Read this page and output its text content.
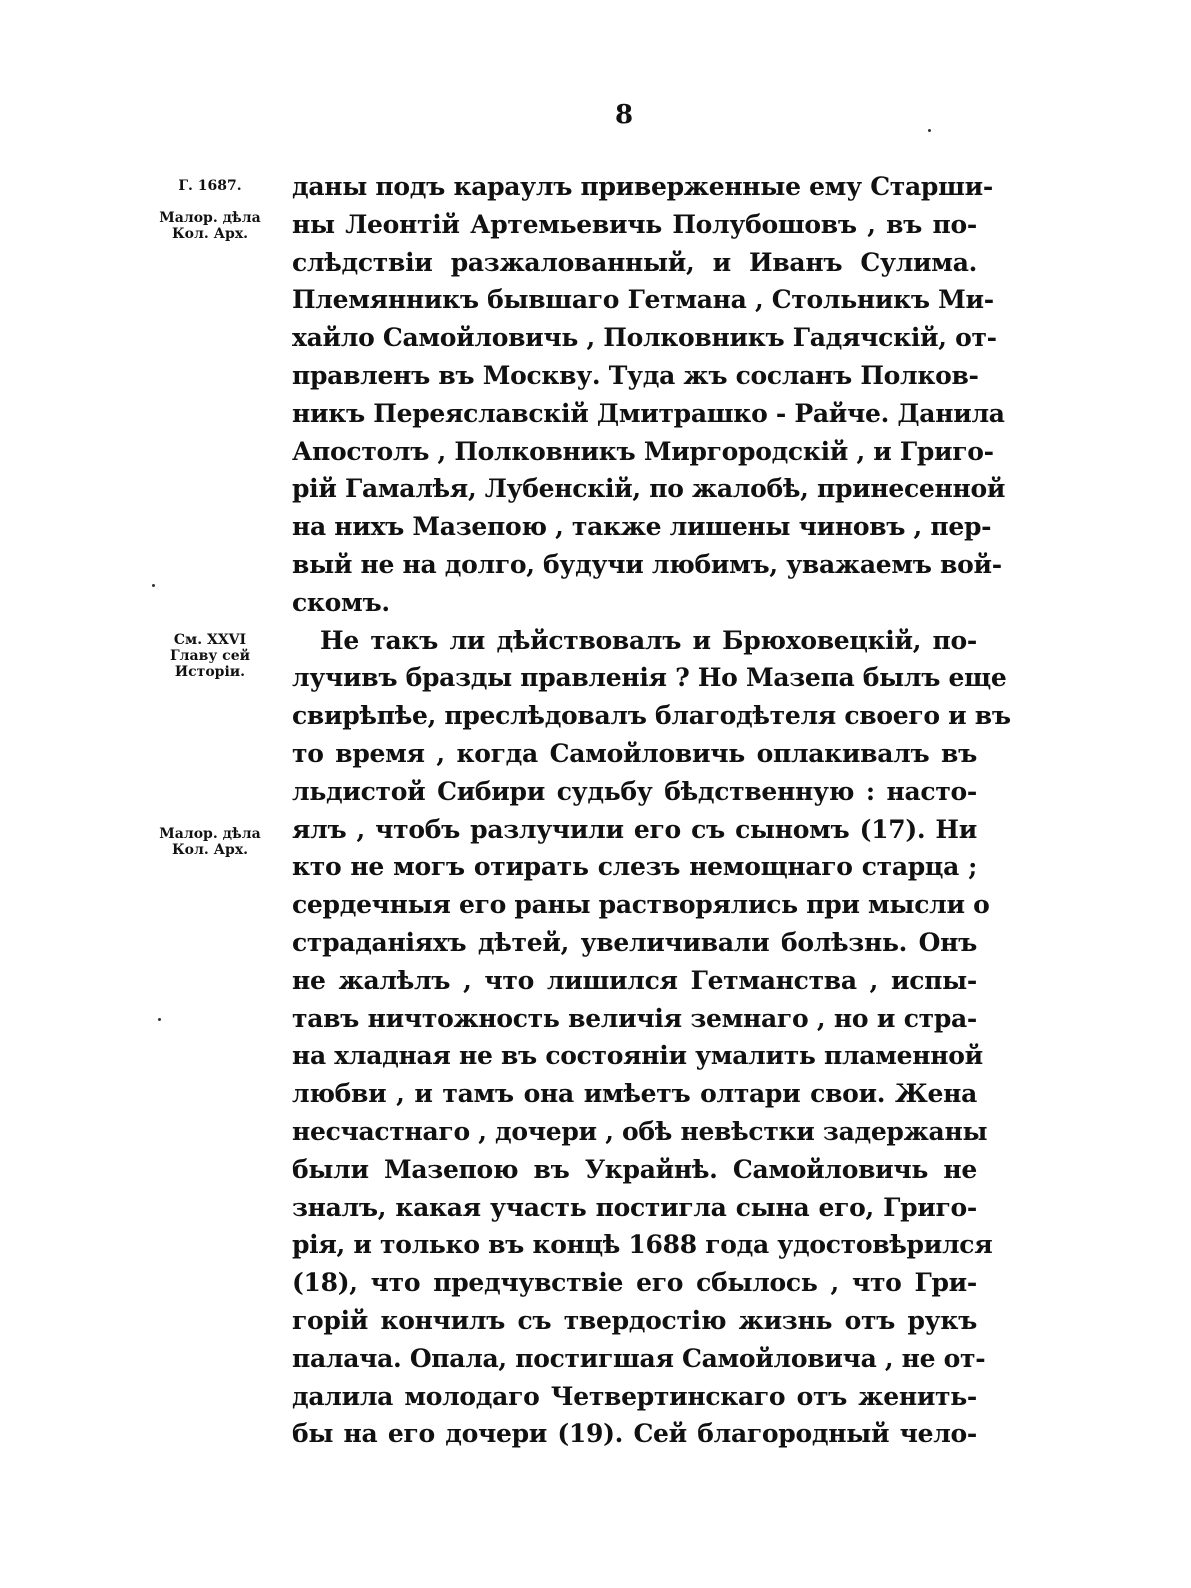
8
Г. 1687.
Малор. дѣла
Кол. Арх.
См. XXVI
Главу сей
Исторіи.
Малор. дѣла
Кол. Арх.
даны подъ караулъ приверженные ему Старши-
ны Леонтій Артемьевичь Полубошовъ , въ по-
слѣдствіи разжалованный, и Иванъ Сулима.
Племянникъ бывшаго Гетмана , Стольникъ Ми-
хайло Самойловичь , Полковникъ Гадячскій, от-
правленъ въ Москву. Туда жъ сосланъ Полков-
никъ Переяславскій Дмитрашко - Райче. Данила
Апостолъ , Полковникъ Миргородскій , и Григо-
рій Гамалѣя, Лубенскій, по жалобѣ, принесенной
на нихъ Мазепою , также лишены чиновъ , пер-
вый не на долго, будучи любимъ, уважаемъ вой-
скомъ.
Не такъ ли дѣйствовалъ и Брюховецкій, по-
лучивъ бразды правленія ? Но Мазепа былъ еще
свирѣпѣе, преслѣдовалъ благодѣтеля своего и въ
то время , когда Самойловичь оплакивалъ въ
льдистой Сибири судьбу бѣдственную : насто-
ялъ , чтобъ разлучили его съ сыномъ (17). Ни
кто не могъ отирать слезъ немощнаго старца ;
сердечныя его раны растворялись при мысли о
страданіяхъ дѣтей, увеличивали болѣзнь. Онъ
не жалѣлъ , что лишился Гетманства , испы-
тавъ ничтожность величія земнаго , но и стра-
на хладная не въ состояніи умалить пламенной
любви , и тамъ она имѣетъ олтари свои. Жена
несчастнаго , дочери , обѣ невѣстки задержаны
были Мазепою въ Украйнѣ. Самойловичь не
зналъ, какая участь постигла сына его, Григо-
рія, и только въ концѣ 1688 года удостовѣрился
(18), что предчувствіе его сбылось , что Гри-
горій кончилъ съ твердостію жизнь отъ рукъ
палача. Опала, постигшая Самойловича , не от-
далила молодаго Четвертинскаго отъ женить-
бы на его дочери (19). Сей благородный чело-
